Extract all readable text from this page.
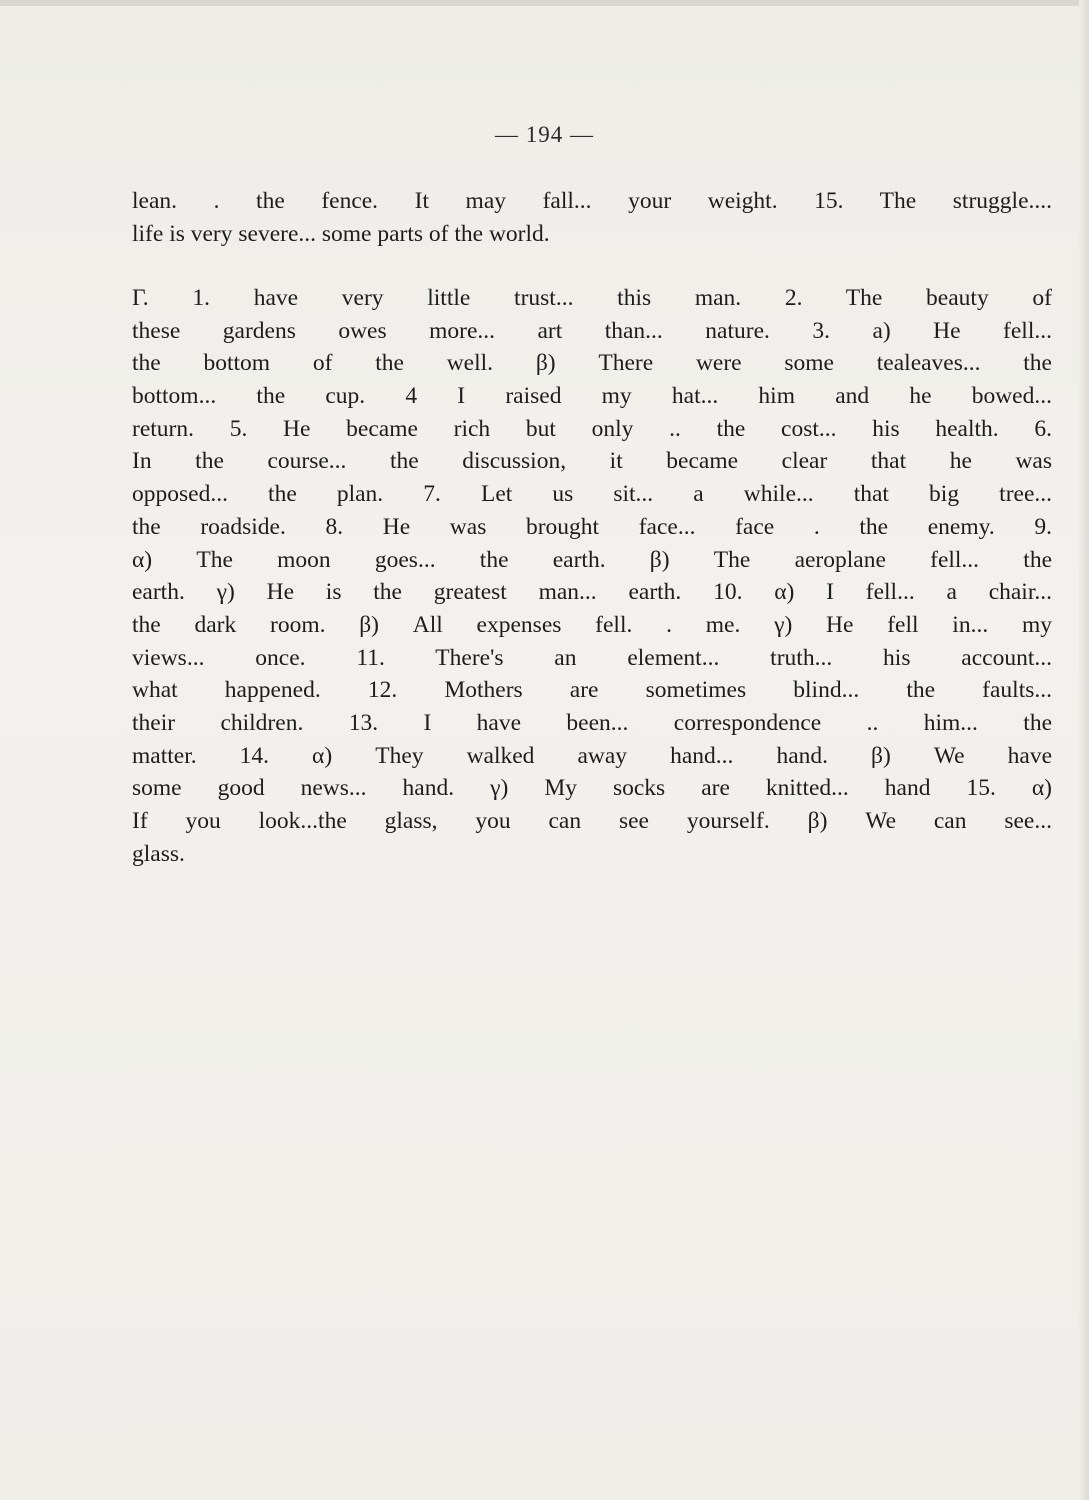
— 194 —
lean. . the fence. It may fall... your weight. 15. The struggle....
life is very severe... some parts of the world.
Γ. 1. have very little trust... this man. 2. The beauty of
these gardens owes more... art than... nature. 3. a) He fell...
the bottom of the well. β) There were some tealeaves... the
bottom... the cup. 4 I raised my hat... him and he bowed...
return. 5. He became rich but only .. the cost... his health. 6.
In the course... the discussion, it became clear that he was
opposed... the plan. 7. Let us sit... a while... that big tree...
the roadside. 8. He was brought face... face . the enemy. 9.
α) The moon goes... the earth. β) The aeroplane fell... the
earth. γ) He is the greatest man... earth. 10. α) I fell... a chair...
the dark room. β) All expenses fell. . me. γ) He fell in... my
views... once. 11. There's an element... truth... his account...
what happened. 12. Mothers are sometimes blind... the faults...
their children. 13. I have been... correspondence .. him... the
matter. 14. α) They walked away hand... hand. β) We have
some good news... hand. γ) My socks are knitted... hand 15. α)
If you look...the glass, you can see yourself. β) We can see...
glass.
